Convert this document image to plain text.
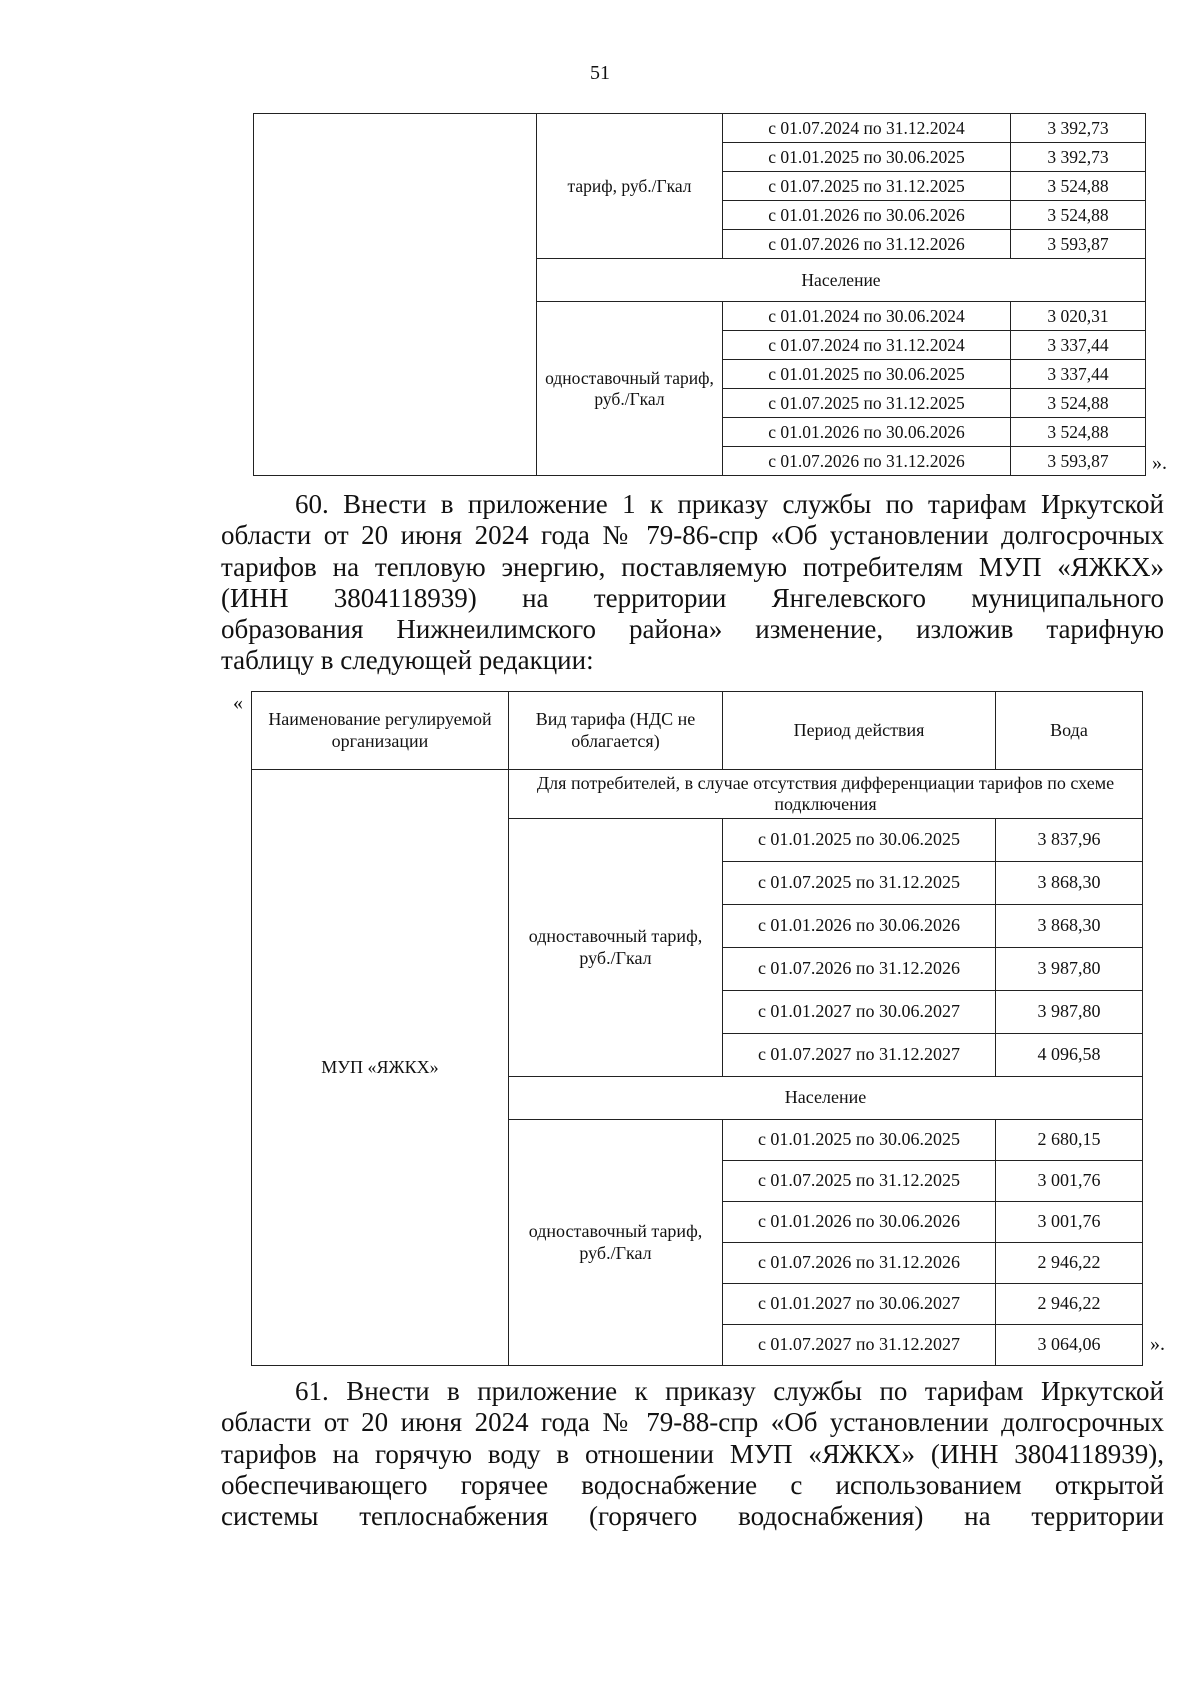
51
	тариф, руб./Гкал	с 01.07.2024 по 31.12.2024	3 392,73
		с 01.01.2025 по 30.06.2025	3 392,73
		с 01.07.2025 по 31.12.2025	3 524,88
		с 01.01.2026 по 30.06.2026	3 524,88
		с 01.07.2026 по 31.12.2026	3 593,87
	Население		
	одноставочный тариф, руб./Гкал	с 01.01.2024 по 30.06.2024	3 020,31
		с 01.07.2024 по 31.12.2024	3 337,44
		с 01.01.2025 по 30.06.2025	3 337,44
		с 01.07.2025 по 31.12.2025	3 524,88
		с 01.01.2026 по 30.06.2026	3 524,88
		с 01.07.2026 по 31.12.2026	3 593,87 ».
60. Внести в приложение 1 к приказу службы по тарифам Иркутской
области от 20 июня 2024 года № 79-86-спр «Об установлении долгосрочных
тарифов на тепловую энергию, поставляемую потребителям МУП «ЯЖКХ»
(ИНН 3804118939) на территории Янгелевского муниципального
образования Нижнеилимского района» изменение, изложив тарифную
таблицу в следующей редакции:
«
Наименование регулируемой организации	Вид тарифа (НДС не облагается)	Период действия	Вода
МУП «ЯЖКХ»	Для потребителей, в случае отсутствия дифференциации тарифов по схеме подключения		
	одноставочный тариф, руб./Гкал	с 01.01.2025 по 30.06.2025	3 837,96
		с 01.07.2025 по 31.12.2025	3 868,30
		с 01.01.2026 по 30.06.2026	3 868,30
		с 01.07.2026 по 31.12.2026	3 987,80
		с 01.01.2027 по 30.06.2027	3 987,80
		с 01.07.2027 по 31.12.2027	4 096,58
	Население		
	одноставочный тариф, руб./Гкал	с 01.01.2025 по 30.06.2025	2 680,15
		с 01.07.2025 по 31.12.2025	3 001,76
		с 01.01.2026 по 30.06.2026	3 001,76
		с 01.07.2026 по 31.12.2026	2 946,22
		с 01.01.2027 по 30.06.2027	2 946,22
		с 01.07.2027 по 31.12.2027	3 064,06 ».
61. Внести в приложение к приказу службы по тарифам Иркутской
области от 20 июня 2024 года № 79-88-спр «Об установлении долгосрочных
тарифов на горячую воду в отношении МУП «ЯЖКХ» (ИНН 3804118939),
обеспечивающего горячее водоснабжение с использованием открытой
системы теплоснабжения (горячего водоснабжения) на территории
